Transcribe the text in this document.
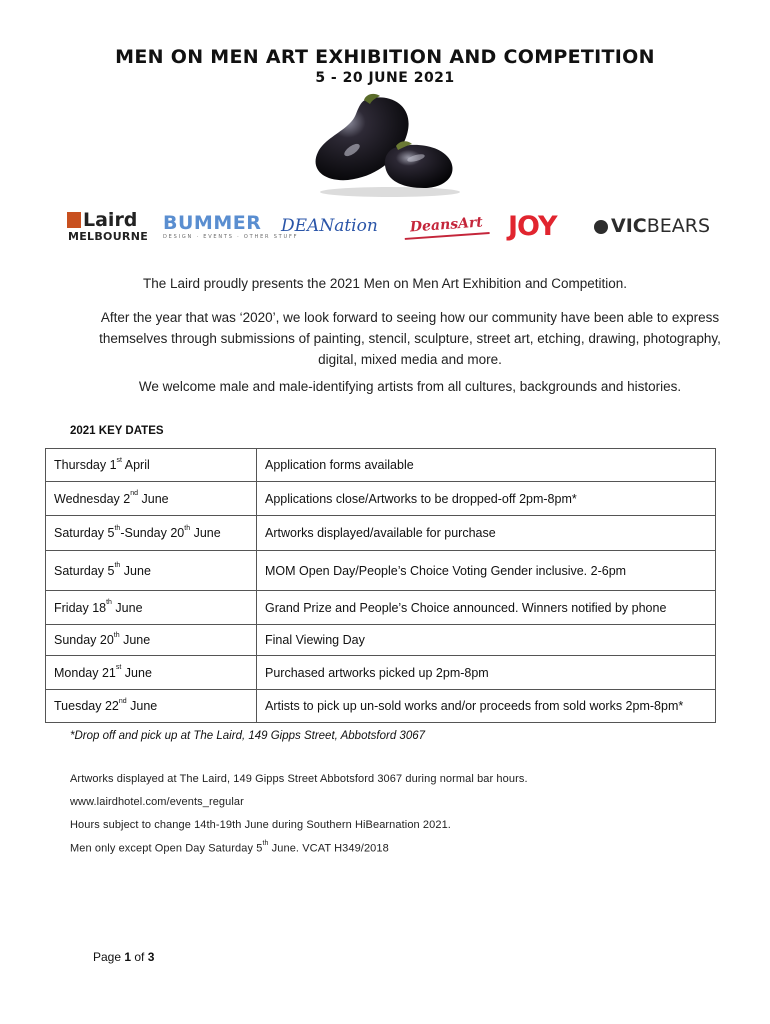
MEN ON MEN ART EXHIBITION AND COMPETITION
5 - 20 JUNE 2021
Laird
MELBOURNE
BUMMER
DESIGN · EVENTS · OTHER STUFF
DEANation	DeansArt JOY	VIC BEARS
The Laird proudly presents the 2021 Men on Men Art Exhibition and Competition.
After the year that was ‘2020’, we look forward to seeing how our community have been able to express themselves through submissions of painting, stencil, sculpture, street art, etching, drawing, photography, digital, mixed media and more.
We welcome male and male-identifying artists from all cultures, backgrounds and histories.
2021 KEY DATES
Thursday 1st April	Application forms available
Wednesday 2nd June	Applications close/Artworks to be dropped-off 2pm-8pm*
Saturday 5th-Sunday 20th June	Artworks displayed/available for purchase
Saturday 5th June	MOM Open Day/People’s Choice Voting Gender inclusive. 2-6pm
Friday 18th June	Grand Prize and People’s Choice announced. Winners notified by phone
Sunday 20th June	Final Viewing Day
Monday 21st June	Purchased artworks picked up 2pm-8pm
Tuesday 22nd June	Artists to pick up un-sold works and/or proceeds from sold works 2pm-8pm*
*Drop off and pick up at The Laird, 149 Gipps Street, Abbotsford 3067
Artworks displayed at The Laird, 149 Gipps Street Abbotsford 3067 during normal bar hours.
www.lairdhotel.com/events_regular
Hours subject to change 14th-19th June during Southern HiBearnation 2021.
Men only except Open Day Saturday 5th June. VCAT H349/2018
Page 1 of 3
